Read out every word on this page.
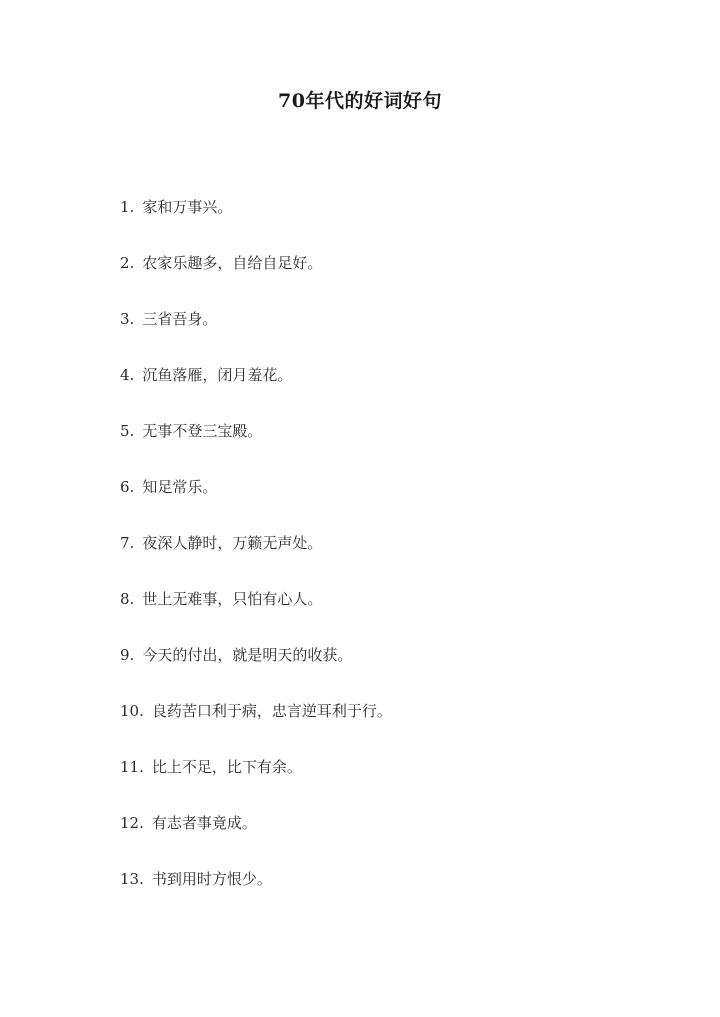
70年代的好词好句
1. 家和万事兴。
2. 农家乐趣多，自给自足好。
3. 三省吾身。
4. 沉鱼落雁，闭月羞花。
5. 无事不登三宝殿。
6. 知足常乐。
7. 夜深人静时，万籁无声处。
8. 世上无难事，只怕有心人。
9. 今天的付出，就是明天的收获。
10. 良药苦口利于病，忠言逆耳利于行。
11. 比上不足，比下有余。
12. 有志者事竟成。
13. 书到用时方恨少。
